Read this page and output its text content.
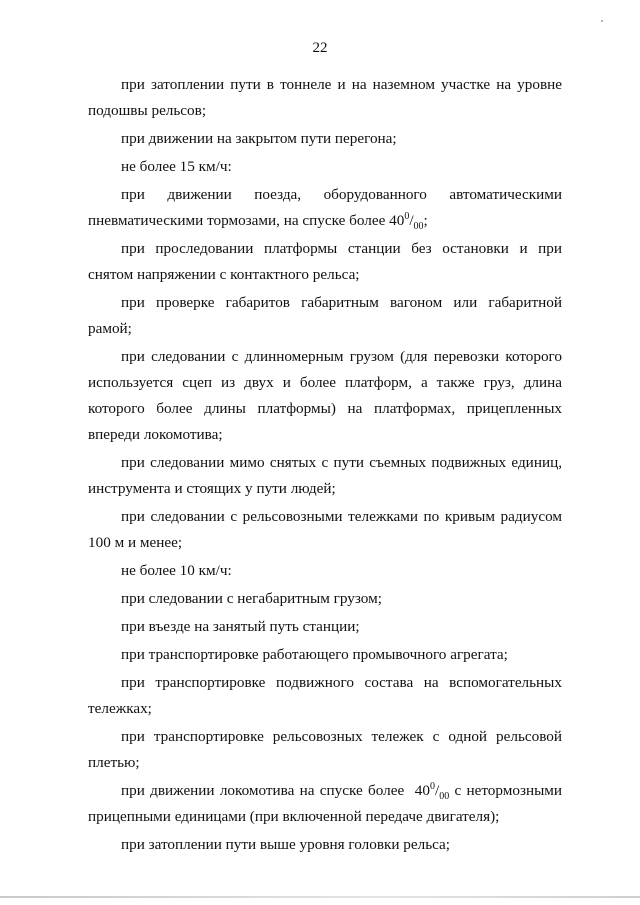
22

при затоплении пути в тоннеле и на наземном участке на уровне подошвы рельсов;

при движении на закрытом пути перегона;

не более 15 км/ч:

при движении поезда, оборудованного автоматическими пневматическими тормозами, на спуске более $40^0/_{00}$;

при проследовании платформы станции без остановки и при снятом напряжении с контактного рельса;

при проверке габаритов габаритным вагоном или габаритной рамой;

при следовании с длинномерным грузом (для перевозки которого используется сцеп из двух и более платформ, а также груз, длина которого более длины платформы) на платформах, прицепленных впереди локомотива;

при следовании мимо снятых с пути съемных подвижных единиц, инструмента и стоящих у пути людей;

при следовании с рельсовозными тележками по кривым радиусом 100 м и менее;

не более 10 км/ч:

при следовании с негабаритным грузом;

при въезде на занятый путь станции;

при транспортировке работающего промывочного агрегата;

при транспортировке подвижного состава на вспомогательных тележках;

при транспортировке рельсовозных тележек с одной рельсовой плетью;

при движении локомотива на спуске более $40^0/_{00}$ с нетормозными прицепными единицами (при включенной передаче двигателя);

при затоплении пути выше уровня головки рельса;
